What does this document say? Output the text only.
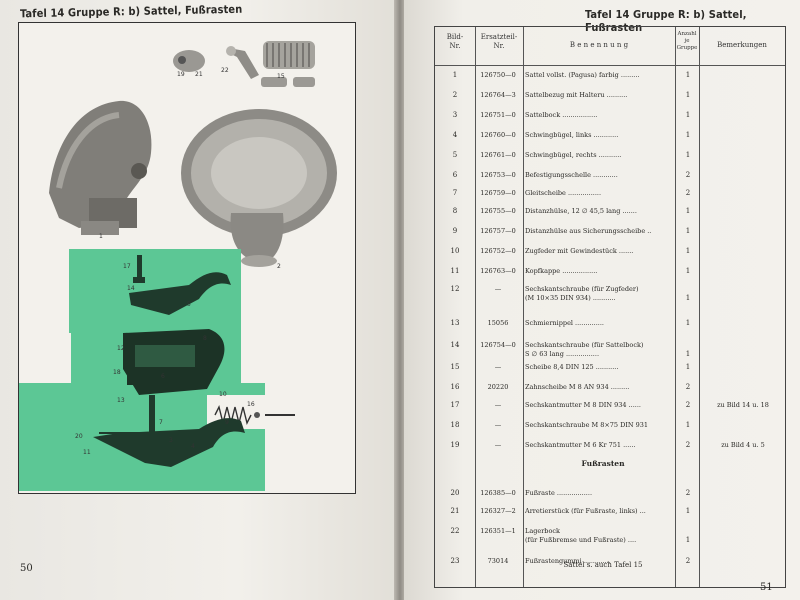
Tafel 14 Gruppe R: b) Sattel, Fußrasten
19 21
22
15
1
2
17
14
5
12
18
8
13
6
20
11
7
3
4
9
16
10
50
Tafel 14 Gruppe R: b) Sattel, Fußrasten
Bild-
Nr.
Ersatzteil-
Nr.	B e n e n n u n g
Anzahl
je
Gruppe	Bemerkungen
1	126750—0	Sattel vollst. (Pagusa) farbig .........	1
2	126764—3	Sattelbezug mit Halteru ..........	1
3	126751—0	Sattelbock .................	1
4	126760—0	Schwingbügel, links ............	1
5	126761—0	Schwingbügel, rechts ...........	1
6	126753—0	Befestigungsschelle ............	2
7	126759—0	Gleitscheibe ................	2
8	126755—0	Distanzhülse, 12 ∅ 45,5 lang .......	1
9	126757—0	Distanzhülse aus Sicherungsscheibe ..	1
10	126752—0	Zugfeder mit Gewindestück .......	1
11	126763—0	Kopfkappe .................	1
12	—	Sechskantschraube (für Zugfeder)
(M 10×35 DIN 934) ...........	1
13	15056	Schmiernippel ..............	1
14	126754—0	Sechskantschraube (für Sattelbock)
S ∅ 63 lang ................	1
15	—	Scheibe 8,4 DIN 125 ...........	1
16	20220	Zahnscheibe M 8 AN 934 .........	2
17	—	Sechskantmutter M 8 DIN 934 ......	2	zu Bild 14 u. 18
18	—	Sechskantschraube M 8×75 DIN 931	1
19	—	Sechskantmutter M 6 Kr 751 ......	2	zu Bild 4 u. 5
20	126385—0	Fußraste .................	2
21	126327—2	Arretierstück (für Fußraste, links) ...	1
22	126351—1	Lagerbock
(für Fußbremse und Fußraste) ....	1
23	73014	Fußrastengummi .............	2
Fußrasten
Sattel s. auch Tafel 15
51
